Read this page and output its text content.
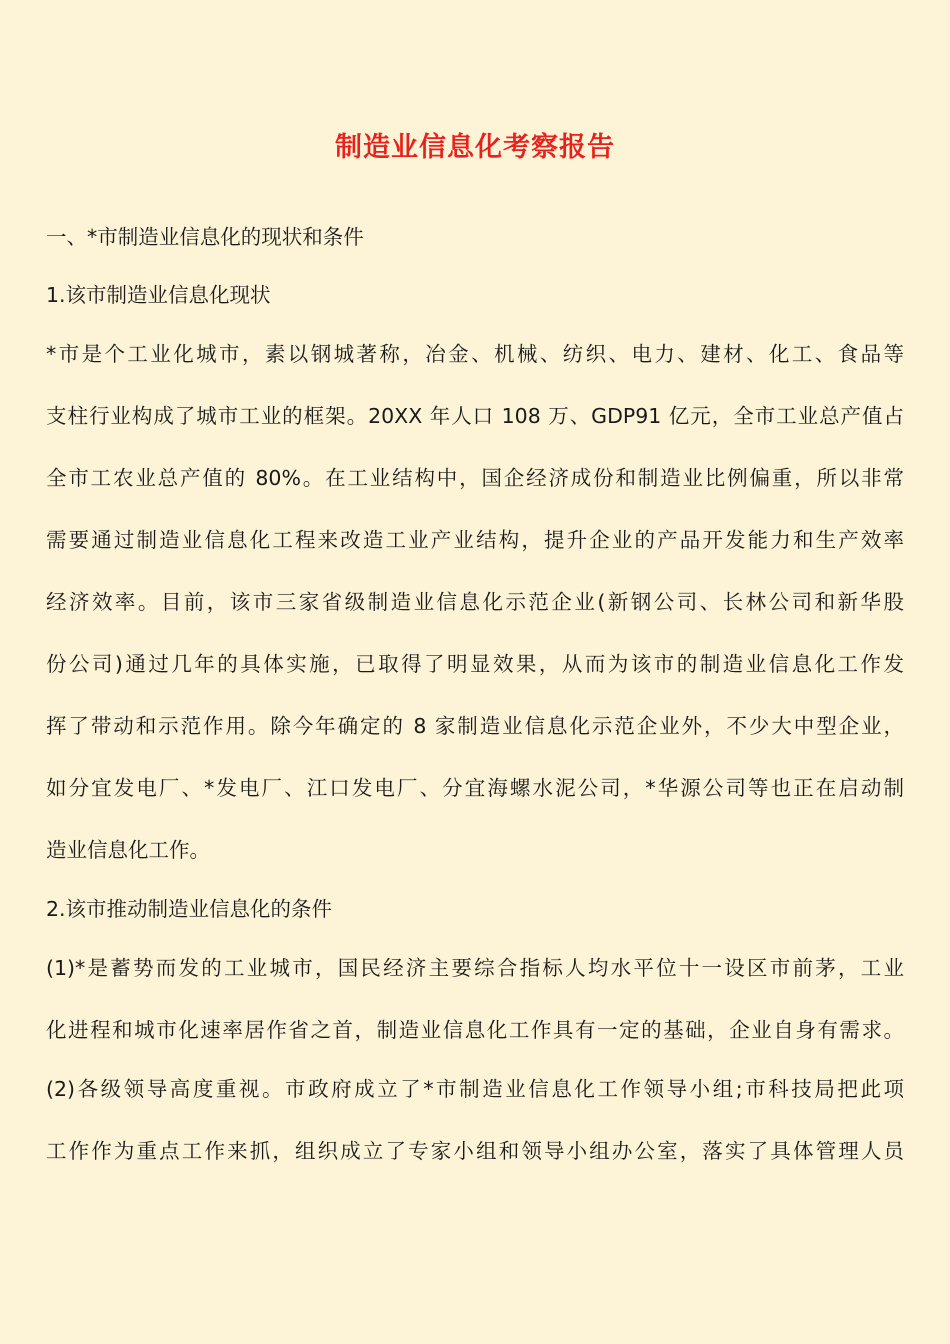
制造业信息化考察报告
一、*市制造业信息化的现状和条件
1.该市制造业信息化现状
*市是个工业化城市，素以钢城著称，冶金、机械、纺织、电力、建材、化工、食品等
支柱行业构成了城市工业的框架。20XX 年人口 108 万、GDP91 亿元，全市工业总产值占
全市工农业总产值的 80%。在工业结构中，国企经济成份和制造业比例偏重，所以非常
需要通过制造业信息化工程来改造工业产业结构，提升企业的产品开发能力和生产效率
经济效率。目前，该市三家省级制造业信息化示范企业(新钢公司、长林公司和新华股
份公司)通过几年的具体实施，已取得了明显效果，从而为该市的制造业信息化工作发
挥了带动和示范作用。除今年确定的 8 家制造业信息化示范企业外，不少大中型企业，
如分宜发电厂、*发电厂、江口发电厂、分宜海螺水泥公司，*华源公司等也正在启动制
造业信息化工作。
2.该市推动制造业信息化的条件
(1)*是蓄势而发的工业城市，国民经济主要综合指标人均水平位十一设区市前茅，工业
化进程和城市化速率居作省之首，制造业信息化工作具有一定的基础，企业自身有需求。
(2)各级领导高度重视。市政府成立了*市制造业信息化工作领导小组;市科技局把此项
工作作为重点工作来抓，组织成立了专家小组和领导小组办公室，落实了具体管理人员
